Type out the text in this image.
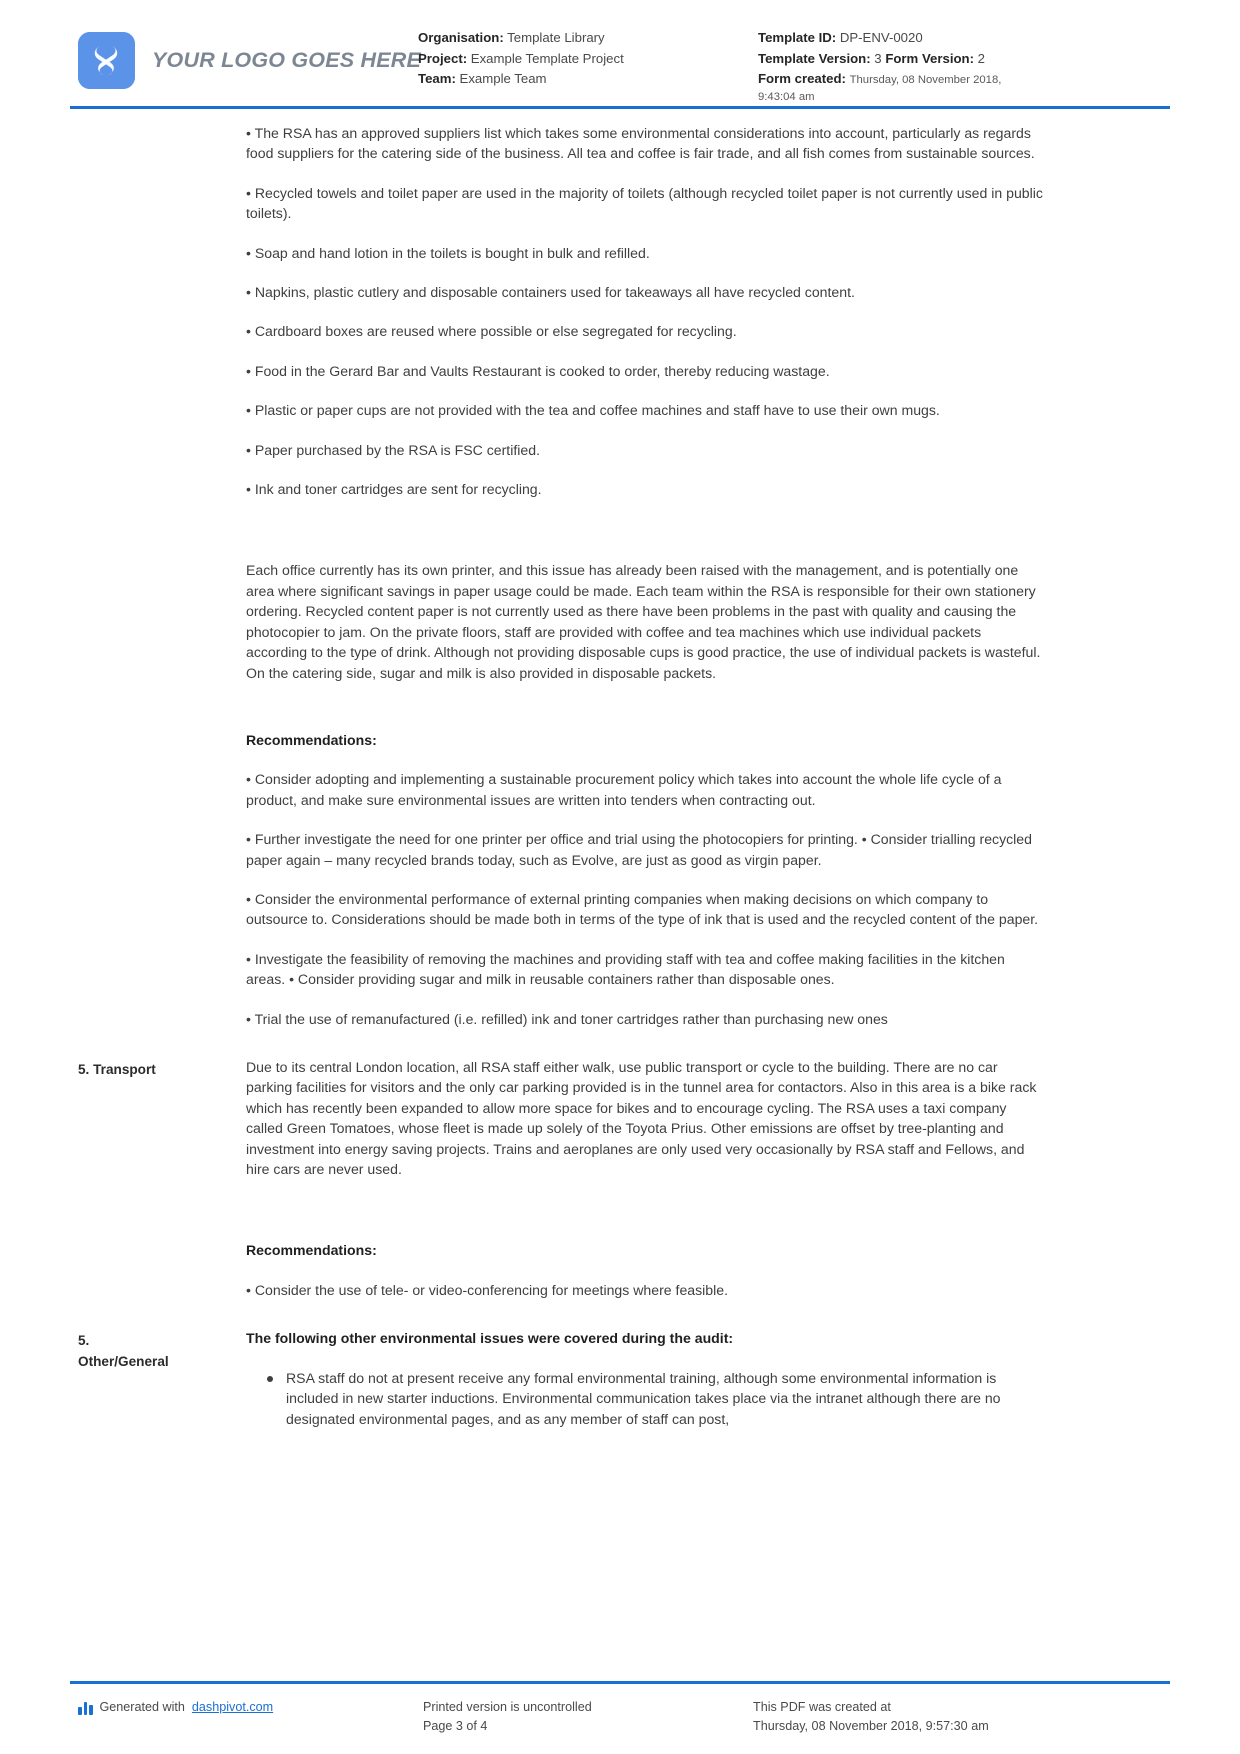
YOUR LOGO GOES HERE
Organisation: Template Library
Project: Example Template Project
Team: Example Team
Template ID: DP-ENV-0020
Template Version: 3 Form Version: 2
Form created: Thursday, 08 November 2018,
9:43:04 am

• The RSA has an approved suppliers list which takes some environmental considerations into account, particularly as regards food suppliers for the catering side of the business. All tea and coffee is fair trade, and all fish comes from sustainable sources.

• Recycled towels and toilet paper are used in the majority of toilets (although recycled toilet paper is not currently used in public toilets).

• Soap and hand lotion in the toilets is bought in bulk and refilled.

• Napkins, plastic cutlery and disposable containers used for takeaways all have recycled content.

• Cardboard boxes are reused where possible or else segregated for recycling.

• Food in the Gerard Bar and Vaults Restaurant is cooked to order, thereby reducing wastage.

• Plastic or paper cups are not provided with the tea and coffee machines and staff have to use their own mugs.

• Paper purchased by the RSA is FSC certified.

• Ink and toner cartridges are sent for recycling.

Each office currently has its own printer, and this issue has already been raised with the management, and is potentially one area where significant savings in paper usage could be made. Each team within the RSA is responsible for their own stationery ordering. Recycled content paper is not currently used as there have been problems in the past with quality and causing the photocopier to jam. On the private floors, staff are provided with coffee and tea machines which use individual packets according to the type of drink. Although not providing disposable cups is good practice, the use of individual packets is wasteful. On the catering side, sugar and milk is also provided in disposable packets.

Recommendations:

• Consider adopting and implementing a sustainable procurement policy which takes into account the whole life cycle of a product, and make sure environmental issues are written into tenders when contracting out.

• Further investigate the need for one printer per office and trial using the photocopiers for printing. • Consider trialling recycled paper again – many recycled brands today, such as Evolve, are just as good as virgin paper.

• Consider the environmental performance of external printing companies when making decisions on which company to outsource to. Considerations should be made both in terms of the type of ink that is used and the recycled content of the paper.

• Investigate the feasibility of removing the machines and providing staff with tea and coffee making facilities in the kitchen areas. • Consider providing sugar and milk in reusable containers rather than disposable ones.

• Trial the use of remanufactured (i.e. refilled) ink and toner cartridges rather than purchasing new ones

5. Transport	Due to its central London location, all RSA staff either walk, use public transport or cycle to the building. There are no car parking facilities for visitors and the only car parking provided is in the tunnel area for contactors. Also in this area is a bike rack which has recently been expanded to allow more space for bikes and to encourage cycling. The RSA uses a taxi company called Green Tomatoes, whose fleet is made up solely of the Toyota Prius. Other emissions are offset by tree-planting and investment into energy saving projects. Trains and aeroplanes are only used very occasionally by RSA staff and Fellows, and hire cars are never used.

Recommendations:

• Consider the use of tele- or video-conferencing for meetings where feasible.

5.
Other/General
The following other environmental issues were covered during the audit:
RSA staff do not at present receive any formal environmental training, although some environmental information is included in new starter inductions. Environmental communication takes place via the intranet although there are no designated environmental pages, and as any member of staff can post,
Generated with dashpivot.com	Printed version is uncontrolled
Page 3 of 4
This PDF was created at
Thursday, 08 November 2018, 9:57:30 am
